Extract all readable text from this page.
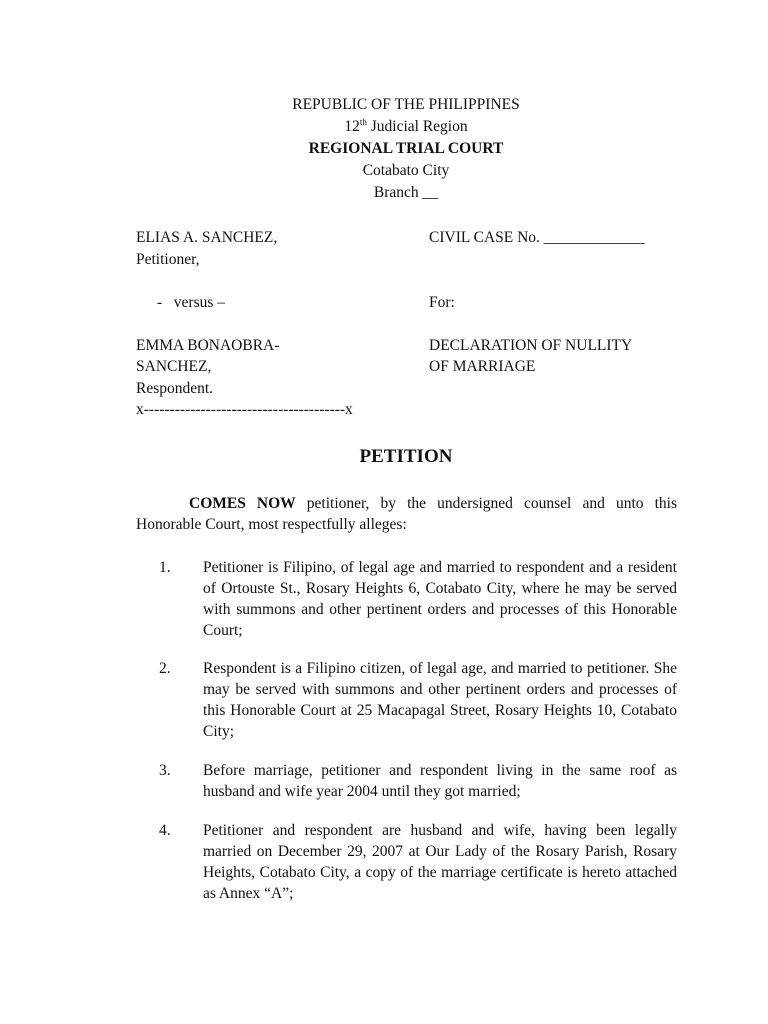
REPUBLIC OF THE PHILIPPINES
12th Judicial Region
REGIONAL TRIAL COURT
Cotabato City
Branch __
ELIAS A. SANCHEZ,
Petitioner,
CIVIL CASE No. _____________
-   versus –	For:
EMMA BONAOBRA-
SANCHEZ,
Respondent.
DECLARATION OF NULLITY
OF MARRIAGE
x---------------------------------------x
PETITION
COMES NOW petitioner, by the undersigned counsel and unto this Honorable Court, most respectfully alleges:
1. Petitioner is Filipino, of legal age and married to respondent and a resident of Ortouste St., Rosary Heights 6, Cotabato City, where he may be served with summons and other pertinent orders and processes of this Honorable Court;
2. Respondent is a Filipino citizen, of legal age, and married to petitioner. She may be served with summons and other pertinent orders and processes of this Honorable Court at 25 Macapagal Street, Rosary Heights 10, Cotabato City;
3. Before marriage, petitioner and respondent living in the same roof as husband and wife year 2004 until they got married;
4. Petitioner and respondent are husband and wife, having been legally married on December 29, 2007 at Our Lady of the Rosary Parish, Rosary Heights, Cotabato City, a copy of the marriage certificate is hereto attached as Annex “A”;
